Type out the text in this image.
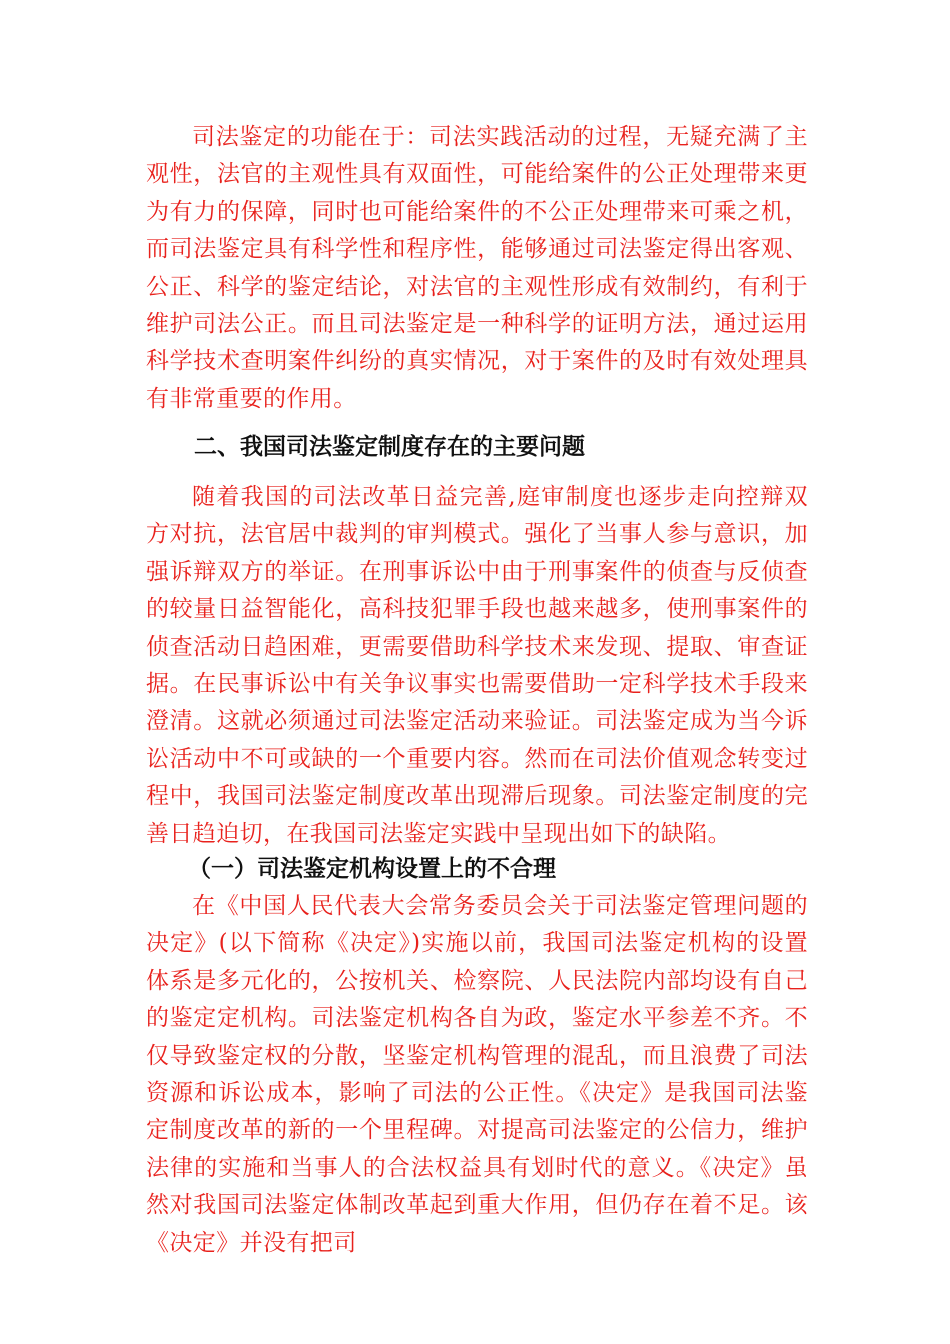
司法鉴定的功能在于：司法实践活动的过程，无疑充满了主观性，法官的主观性具有双面性，可能给案件的公正处理带来更为有力的保障，同时也可能给案件的不公正处理带来可乘之机，而司法鉴定具有科学性和程序性，能够通过司法鉴定得出客观、公正、科学的鉴定结论，对法官的主观性形成有效制约，有利于维护司法公正。而且司法鉴定是一种科学的证明方法，通过运用科学技术查明案件纠纷的真实情况，对于案件的及时有效处理具有非常重要的作用。

二、我国司法鉴定制度存在的主要问题

随着我国的司法改革日益完善,庭审制度也逐步走向控辩双方对抗，法官居中裁判的审判模式。强化了当事人参与意识，加强诉辩双方的举证。在刑事诉讼中由于刑事案件的侦查与反侦查的较量日益智能化，高科技犯罪手段也越来越多，使刑事案件的侦查活动日趋困难，更需要借助科学技术来发现、提取、审查证据。在民事诉讼中有关争议事实也需要借助一定科学技术手段来澄清。这就必须通过司法鉴定活动来验证。司法鉴定成为当今诉讼活动中不可或缺的一个重要内容。然而在司法价值观念转变过程中，我国司法鉴定制度改革出现滞后现象。司法鉴定制度的完善日趋迫切，在我国司法鉴定实践中呈现出如下的缺陷。

（一）司法鉴定机构设置上的不合理

在《中国人民代表大会常务委员会关于司法鉴定管理问题的决定》(以下简称《决定》)实施以前，我国司法鉴定机构的设置体系是多元化的，公按机关、检察院、人民法院内部均设有自己的鉴定定机构。司法鉴定机构各自为政，鉴定水平参差不齐。不仅导致鉴定权的分散，坚鉴定机构管理的混乱，而且浪费了司法资源和诉讼成本，影响了司法的公正性。《决定》是我国司法鉴定制度改革的新的一个里程碑。对提高司法鉴定的公信力，维护法律的实施和当事人的合法权益具有划时代的意义。《决定》虽然对我国司法鉴定体制改革起到重大作用，但仍存在着不足。该《决定》并没有把司
